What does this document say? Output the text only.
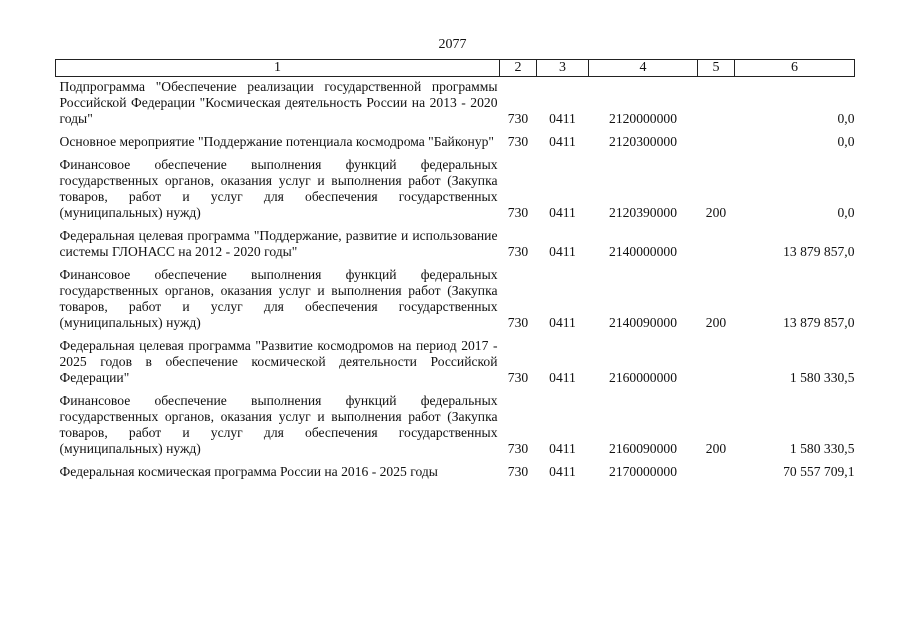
2077
1	2	3	4	5	6
Подпрограмма "Обеспечение реализации государственной программы Российской Федерации "Космическая деятельность России на 2013 - 2020 годы"	730	0411	2120000000		0,0
Основное мероприятие "Поддержание потенциала космодрома "Байконур"	730	0411	2120300000		0,0
Финансовое обеспечение выполнения функций федеральных государственных органов, оказания услуг и выполнения работ (Закупка товаров, работ и услуг для обеспечения государственных (муниципальных) нужд)	730	0411	2120390000	200	0,0
Федеральная целевая программа "Поддержание, развитие и использование системы ГЛОНАСС на 2012 - 2020 годы"	730	0411	2140000000		13 879 857,0
Финансовое обеспечение выполнения функций федеральных государственных органов, оказания услуг и выполнения работ (Закупка товаров, работ и услуг для обеспечения государственных (муниципальных) нужд)	730	0411	2140090000	200	13 879 857,0
Федеральная целевая программа "Развитие космодромов на период 2017 - 2025 годов в обеспечение космической деятельности Российской Федерации"	730	0411	2160000000		1 580 330,5
Финансовое обеспечение выполнения функций федеральных государственных органов, оказания услуг и выполнения работ (Закупка товаров, работ и услуг для обеспечения государственных (муниципальных) нужд)	730	0411	2160090000	200	1 580 330,5
Федеральная космическая программа России на 2016 - 2025 годы	730	0411	2170000000		70 557 709,1
